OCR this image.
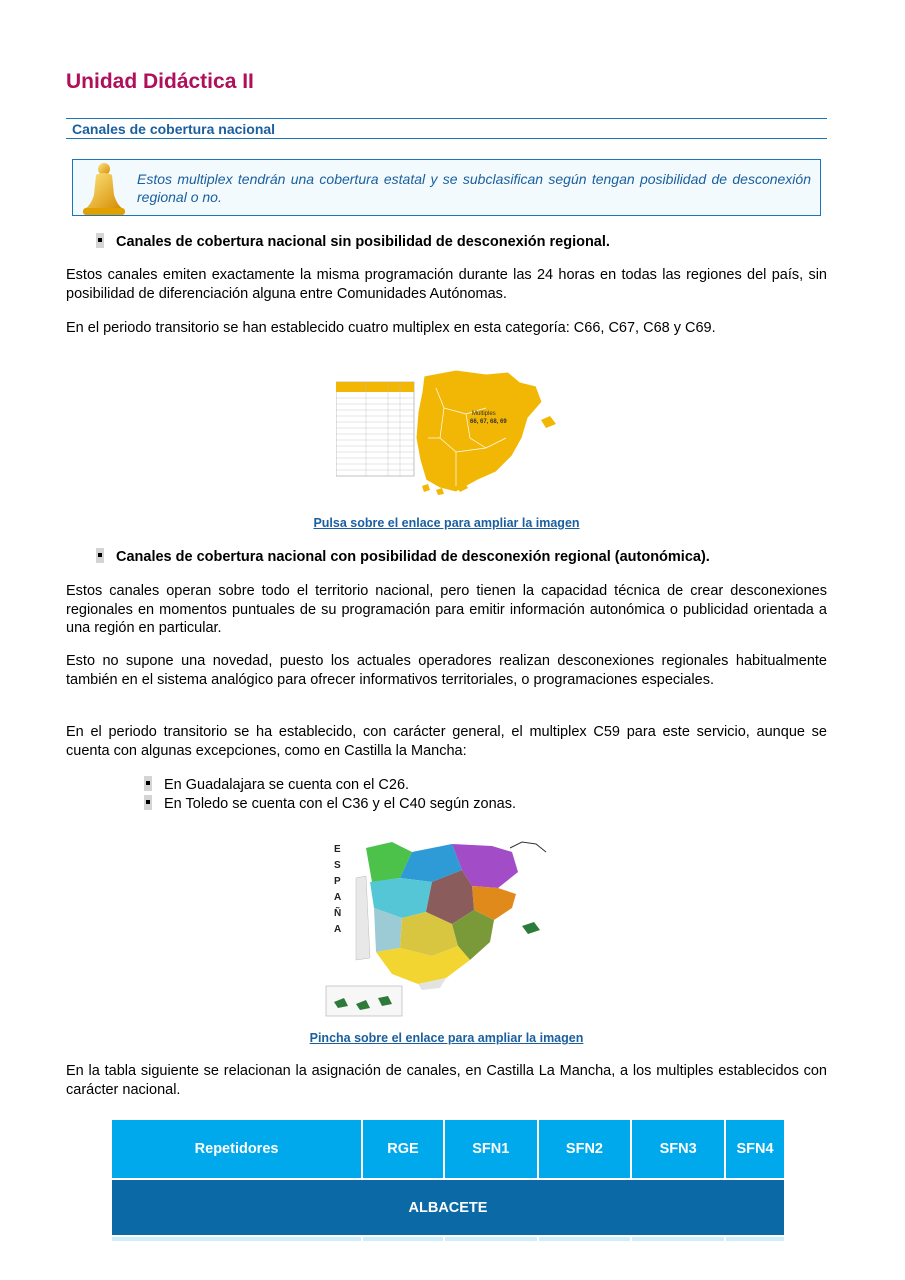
Unidad Didáctica II
Canales de cobertura nacional

Estos multiplex tendrán una cobertura estatal y se subclasifican según tengan posibilidad de desconexión regional o no.

Canales de cobertura nacional sin posibilidad de desconexión regional.

Estos canales emiten exactamente la misma programación durante las 24 horas en todas las regiones del país, sin posibilidad de diferenciación alguna entre Comunidades Autónomas.

En el periodo transitorio se han establecido cuatro multiplex en esta categoría: C66, C67, C68 y C69.

Múltiples
66, 67, 68, 69
Pulsa sobre el enlace para ampliar la imagen
Canales de cobertura nacional con posibilidad de desconexión regional (autonómica).

Estos canales operan sobre todo el territorio nacional, pero tienen la capacidad técnica de crear desconexiones regionales en momentos puntuales de su programación para emitir información autonómica o publicidad orientada a una región en particular.

Esto no supone una novedad, puesto los actuales operadores realizan desconexiones regionales habitualmente también en el sistema analógico para ofrecer informativos territoriales, o programaciones especiales.

En el periodo transitorio se ha establecido, con carácter general, el multiplex C59 para este servicio, aunque se cuenta con algunas excepciones, como en Castilla la Mancha:

En Guadalajara se cuenta con el C26.
En Toledo se cuenta con el C36 y el C40 según zonas.
E
S
P
A
Ñ
A
Pincha sobre el enlace para ampliar la imagen

En la tabla siguiente se relacionan la asignación de canales, en Castilla La Mancha, a los multiples establecidos con carácter nacional.

Repetidores	RGE	SFN1	SFN2	SFN3	SFN4
ALBACETE					
